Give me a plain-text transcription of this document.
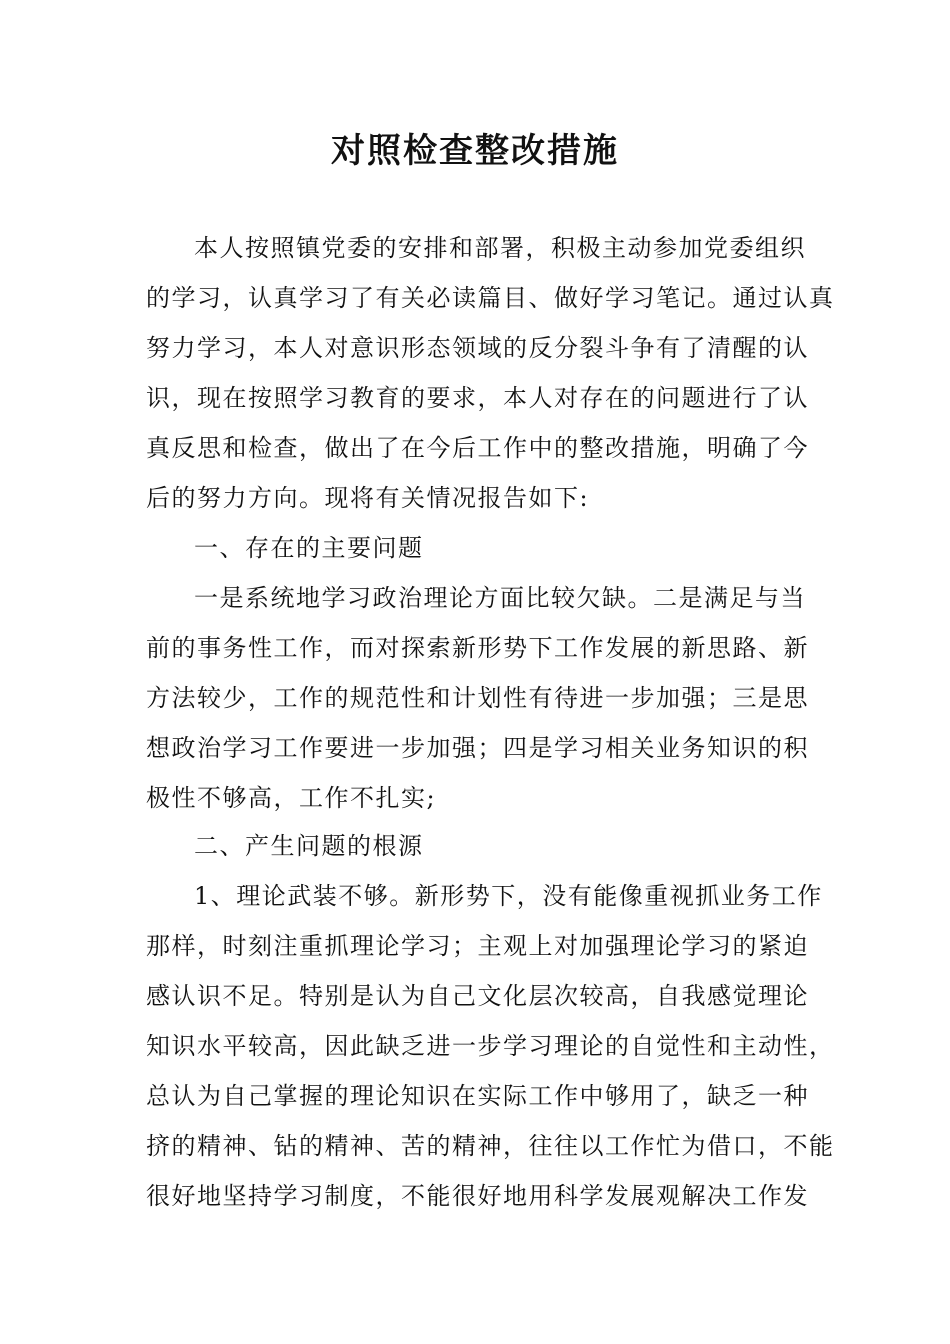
对照检查整改措施
本人按照镇党委的安排和部署，积极主动参加党委组织
的学习，认真学习了有关必读篇目、做好学习笔记。通过认真
努力学习，本人对意识形态领域的反分裂斗争有了清醒的认
识，现在按照学习教育的要求，本人对存在的问题进行了认
真反思和检查，做出了在今后工作中的整改措施，明确了今
后的努力方向。现将有关情况报告如下:
一、存在的主要问题
一是系统地学习政治理论方面比较欠缺。二是满足与当
前的事务性工作，而对探索新形势下工作发展的新思路、新
方法较少，工作的规范性和计划性有待进一步加强；三是思
想政治学习工作要进一步加强；四是学习相关业务知识的积
极性不够高，工作不扎实;
二、产生问题的根源
1、理论武装不够。新形势下，没有能像重视抓业务工作
那样，时刻注重抓理论学习；主观上对加强理论学习的紧迫
感认识不足。特别是认为自己文化层次较高，自我感觉理论
知识水平较高，因此缺乏进一步学习理论的自觉性和主动性，
总认为自己掌握的理论知识在实际工作中够用了，缺乏一种
挤的精神、钻的精神、苦的精神，往往以工作忙为借口，不能
很好地坚持学习制度，不能很好地用科学发展观解决工作发
